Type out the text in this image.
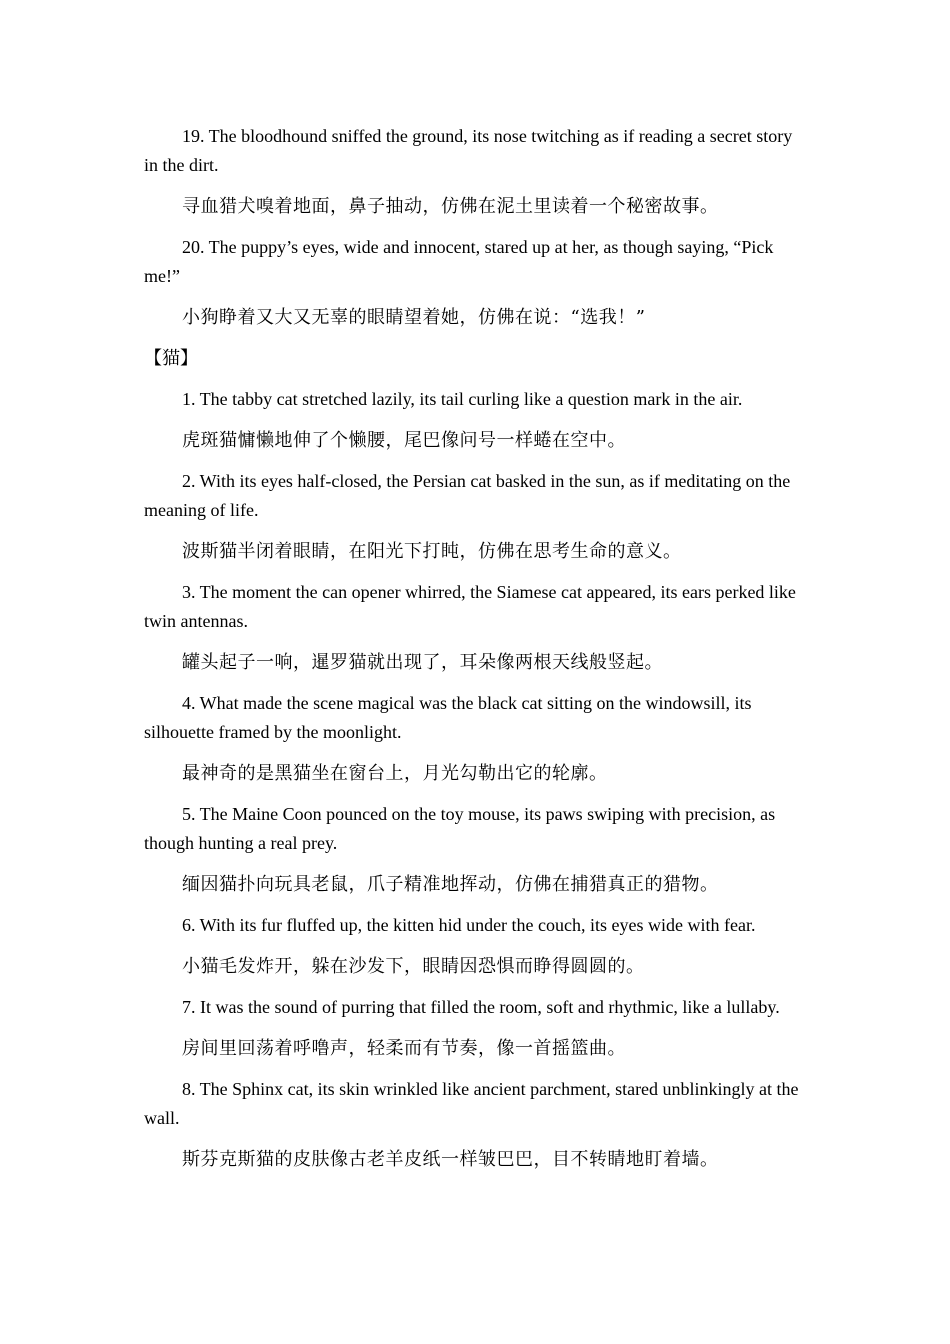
19. The bloodhound sniffed the ground, its nose twitching as if reading a secret story in the dirt.

寻血猎犬嗅着地面，鼻子抽动，仿佛在泥土里读着一个秘密故事。

20. The puppy’s eyes, wide and innocent, stared up at her, as though saying, “Pick me!”

小狗睁着又大又无辜的眼睛望着她，仿佛在说：“选我！”

【猫】

1. The tabby cat stretched lazily, its tail curling like a question mark in the air.

虎斑猫慵懒地伸了个懒腰，尾巴像问号一样蜷在空中。

2. With its eyes half-closed, the Persian cat basked in the sun, as if meditating on the meaning of life.

波斯猫半闭着眼睛，在阳光下打盹，仿佛在思考生命的意义。

3. The moment the can opener whirred, the Siamese cat appeared, its ears perked like twin antennas.

罐头起子一响，暹罗猫就出现了，耳朵像两根天线般竖起。

4. What made the scene magical was the black cat sitting on the windowsill, its silhouette framed by the moonlight.

最神奇的是黑猫坐在窗台上，月光勾勒出它的轮廓。

5. The Maine Coon pounced on the toy mouse, its paws swiping with precision, as though hunting a real prey.

缅因猫扑向玩具老鼠，爪子精准地挥动，仿佛在捕猎真正的猎物。

6. With its fur fluffed up, the kitten hid under the couch, its eyes wide with fear.

小猫毛发炸开，躲在沙发下，眼睛因恐惧而睁得圆圆的。

7. It was the sound of purring that filled the room, soft and rhythmic, like a lullaby.

房间里回荡着呼噜声，轻柔而有节奏，像一首摇篮曲。

8. The Sphinx cat, its skin wrinkled like ancient parchment, stared unblinkingly at the wall.

斯芬克斯猫的皮肤像古老羊皮纸一样皱巴巴，目不转睛地盯着墙。
